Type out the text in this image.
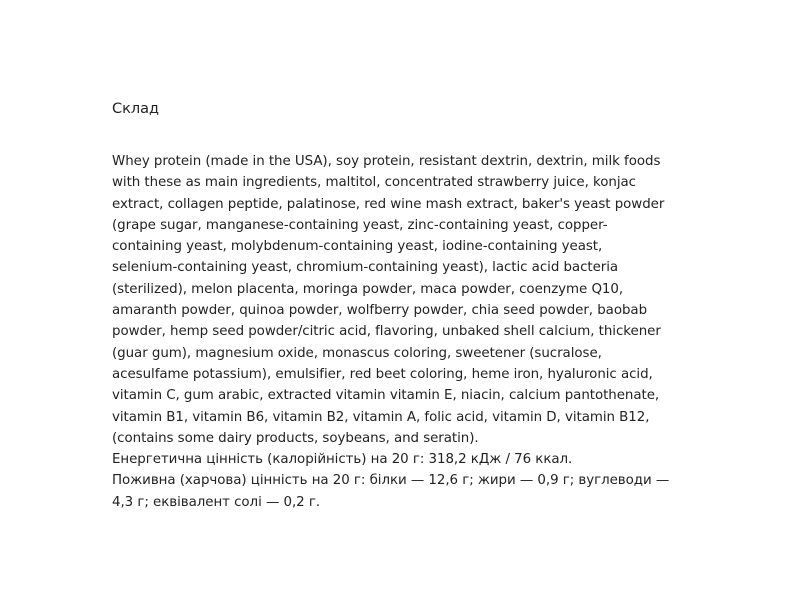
Склад
Whey protein (made in the USA), soy protein, resistant dextrin, dextrin, milk foods
with these as main ingredients, maltitol, concentrated strawberry juice, konjac
extract, collagen peptide, palatinose, red wine mash extract, baker's yeast powder
(grape sugar, manganese-containing yeast, zinc-containing yeast, copper-
containing yeast, molybdenum-containing yeast, iodine-containing yeast,
selenium-containing yeast, chromium-containing yeast), lactic acid bacteria
(sterilized), melon placenta, moringa powder, maca powder, coenzyme Q10,
amaranth powder, quinoa powder, wolfberry powder, chia seed powder, baobab
powder, hemp seed powder/citric acid, flavoring, unbaked shell calcium, thickener
(guar gum), magnesium oxide, monascus coloring, sweetener (sucralose,
acesulfame potassium), emulsifier, red beet coloring, heme iron, hyaluronic acid,
vitamin C, gum arabic, extracted vitamin vitamin E, niacin, calcium pantothenate,
vitamin B1, vitamin B6, vitamin B2, vitamin A, folic acid, vitamin D, vitamin B12,
(contains some dairy products, soybeans, and seratin).
Енергетична цінність (калорійність) на 20 г: 318,2 кДж / 76 ккал.
Поживна (харчова) цінність на 20 г: білки — 12,6 г; жири — 0,9 г; вуглеводи —
4,3 г; еквівалент солі — 0,2 г.
